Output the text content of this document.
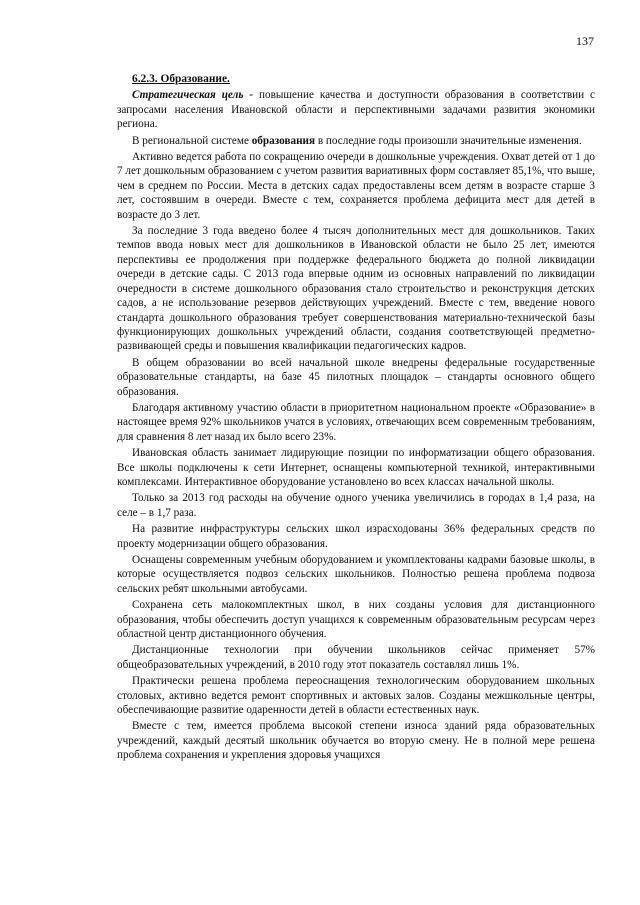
137

6.2.3. Образование.

Стратегическая цель - повышение качества и доступности образования в соответствии с запросами населения Ивановской области и перспективными задачами развития экономики региона.

В региональной системе образования в последние годы произошли значительные изменения.

Активно ведется работа по сокращению очереди в дошкольные учреждения. Охват детей от 1 до 7 лет дошкольным образованием с учетом развития вариативных форм составляет 85,1%, что выше, чем в среднем по России. Места в детских садах предоставлены всем детям в возрасте старше 3 лет, состоявшим в очереди. Вместе с тем, сохраняется проблема дефицита мест для детей в возрасте до 3 лет.

За последние 3 года введено более 4 тысяч дополнительных мест для дошкольников. Таких темпов ввода новых мест для дошкольников в Ивановской области не было 25 лет, имеются перспективы ее продолжения при поддержке федерального бюджета до полной ликвидации очереди в детские сады. С 2013 года впервые одним из основных направлений по ликвидации очередности в системе дошкольного образования стало строительство и реконструкция детских садов, а не использование резервов действующих учреждений. Вместе с тем, введение нового стандарта дошкольного образования требует совершенствования материально-технической базы функционирующих дошкольных учреждений области, создания соответствующей предметно-развивающей среды и повышения квалификации педагогических кадров.

В общем образовании во всей начальной школе внедрены федеральные государственные образовательные стандарты, на базе 45 пилотных площадок – стандарты основного общего образования.

Благодаря активному участию области в приоритетном национальном проекте «Образование» в настоящее время 92% школьников учатся в условиях, отвечающих всем современным требованиям, для сравнения 8 лет назад их было всего 23%.

Ивановская область занимает лидирующие позиции по информатизации общего образования. Все школы подключены к сети Интернет, оснащены компьютерной техникой, интерактивными комплексами. Интерактивное оборудование установлено во всех классах начальной школы.

Только за 2013 год расходы на обучение одного ученика увеличились в городах в 1,4 раза, на селе – в 1,7 раза.

На развитие инфраструктуры сельских школ израсходованы 36% федеральных средств по проекту модернизации общего образования.

Оснащены современным учебным оборудованием и укомплектованы кадрами базовые школы, в которые осуществляется подвоз сельских школьников. Полностью решена проблема подвоза сельских ребят школьными автобусами.

Сохранена сеть малокомплектных школ, в них созданы условия для дистанционного образования, чтобы обеспечить доступ учащихся к современным образовательным ресурсам через областной центр дистанционного обучения.

Дистанционные технологии при обучении школьников сейчас применяет 57% общеобразовательных учреждений, в 2010 году этот показатель составлял лишь 1%.

Практически решена проблема переоснащения технологическим оборудованием школьных столовых, активно ведется ремонт спортивных и актовых залов. Созданы межшкольные центры, обеспечивающие развитие одаренности детей в области естественных наук.

Вместе с тем, имеется проблема высокой степени износа зданий ряда образовательных учреждений, каждый десятый школьник обучается во вторую смену. Не в полной мере решена проблема сохранения и укрепления здоровья учащихся
